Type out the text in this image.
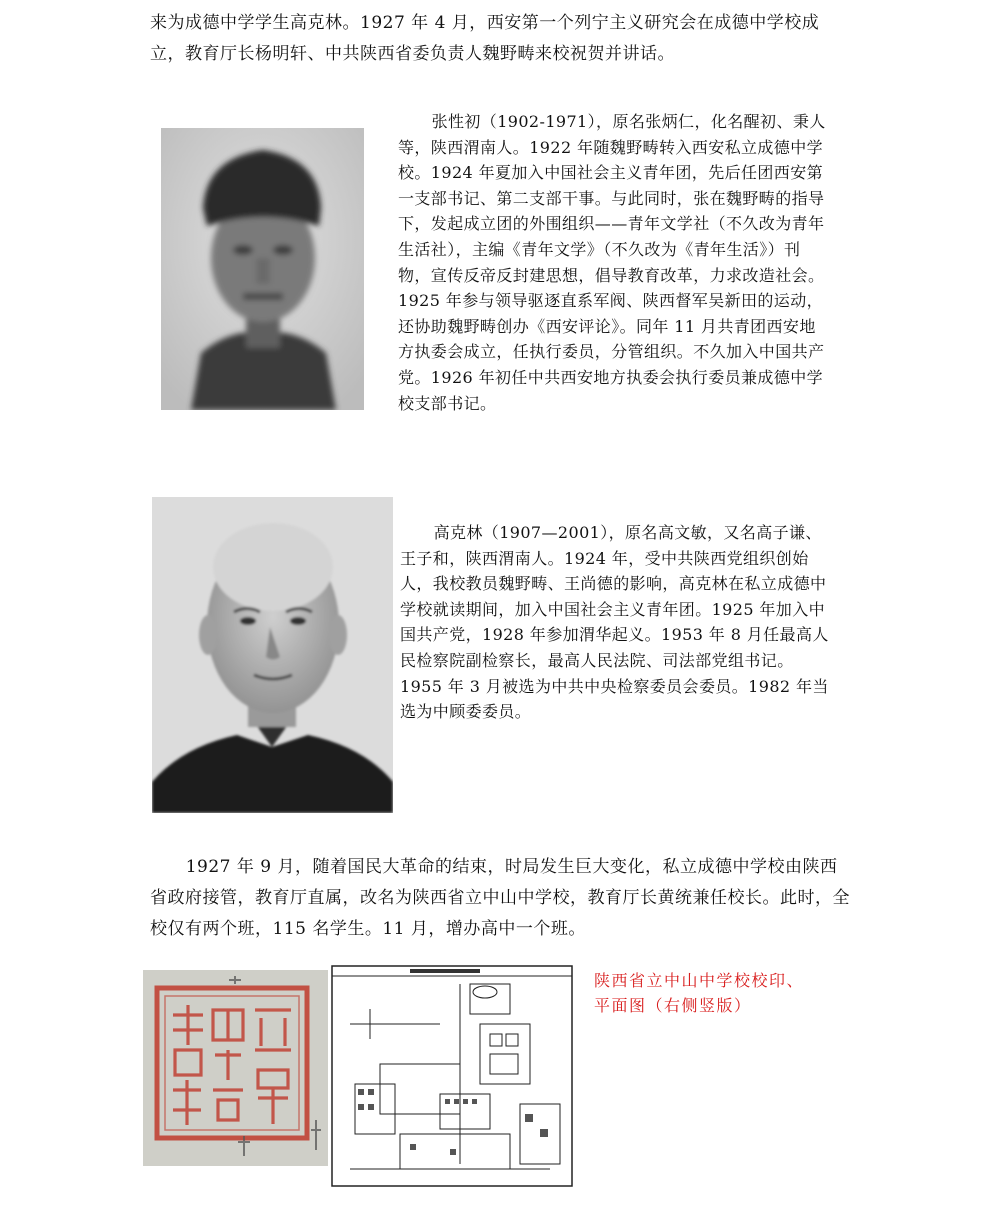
来为成德中学学生高克林。1927 年 4 月，西安第一个列宁主义研究会在成德中学校成立，教育厅长杨明轩、中共陕西省委负责人魏野畴来校祝贺并讲话。

张性初（1902-1971），原名张炳仁，化名醒初、秉人等，陕西渭南人。1922 年随魏野畴转入西安私立成德中学校。1924 年夏加入中国社会主义青年团，先后任团西安第一支部书记、第二支部干事。与此同时，张在魏野畴的指导下，发起成立团的外围组织——青年文学社（不久改为青年生活社），主编《青年文学》（不久改为《青年生活》）刊物，宣传反帝反封建思想，倡导教育改革，力求改造社会。1925 年参与领导驱逐直系军阀、陕西督军吴新田的运动，还协助魏野畴创办《西安评论》。同年 11 月共青团西安地方执委会成立，任执行委员，分管组织。不久加入中国共产党。1926 年初任中共西安地方执委会执行委员兼成德中学校支部书记。

高克林（1907—2001），原名高文敏，又名高子谦、王子和，陕西渭南人。1924 年，受中共陕西党组织创始人，我校教员魏野畴、王尚德的影响，高克林在私立成德中学校就读期间，加入中国社会主义青年团。1925 年加入中国共产党，1928 年参加渭华起义。1953 年 8 月任最高人民检察院副检察长，最高人民法院、司法部党组书记。1955 年 3 月被选为中共中央检察委员会委员。1982 年当选为中顾委委员。

1927 年 9 月，随着国民大革命的结束，时局发生巨大变化，私立成德中学校由陕西省政府接管，教育厅直属，改名为陕西省立中山中学校，教育厅长黄统兼任校长。此时，全校仅有两个班，115 名学生。11 月，增办高中一个班。

陕西省立中山中学校校印、
平面图（右侧竖版）
